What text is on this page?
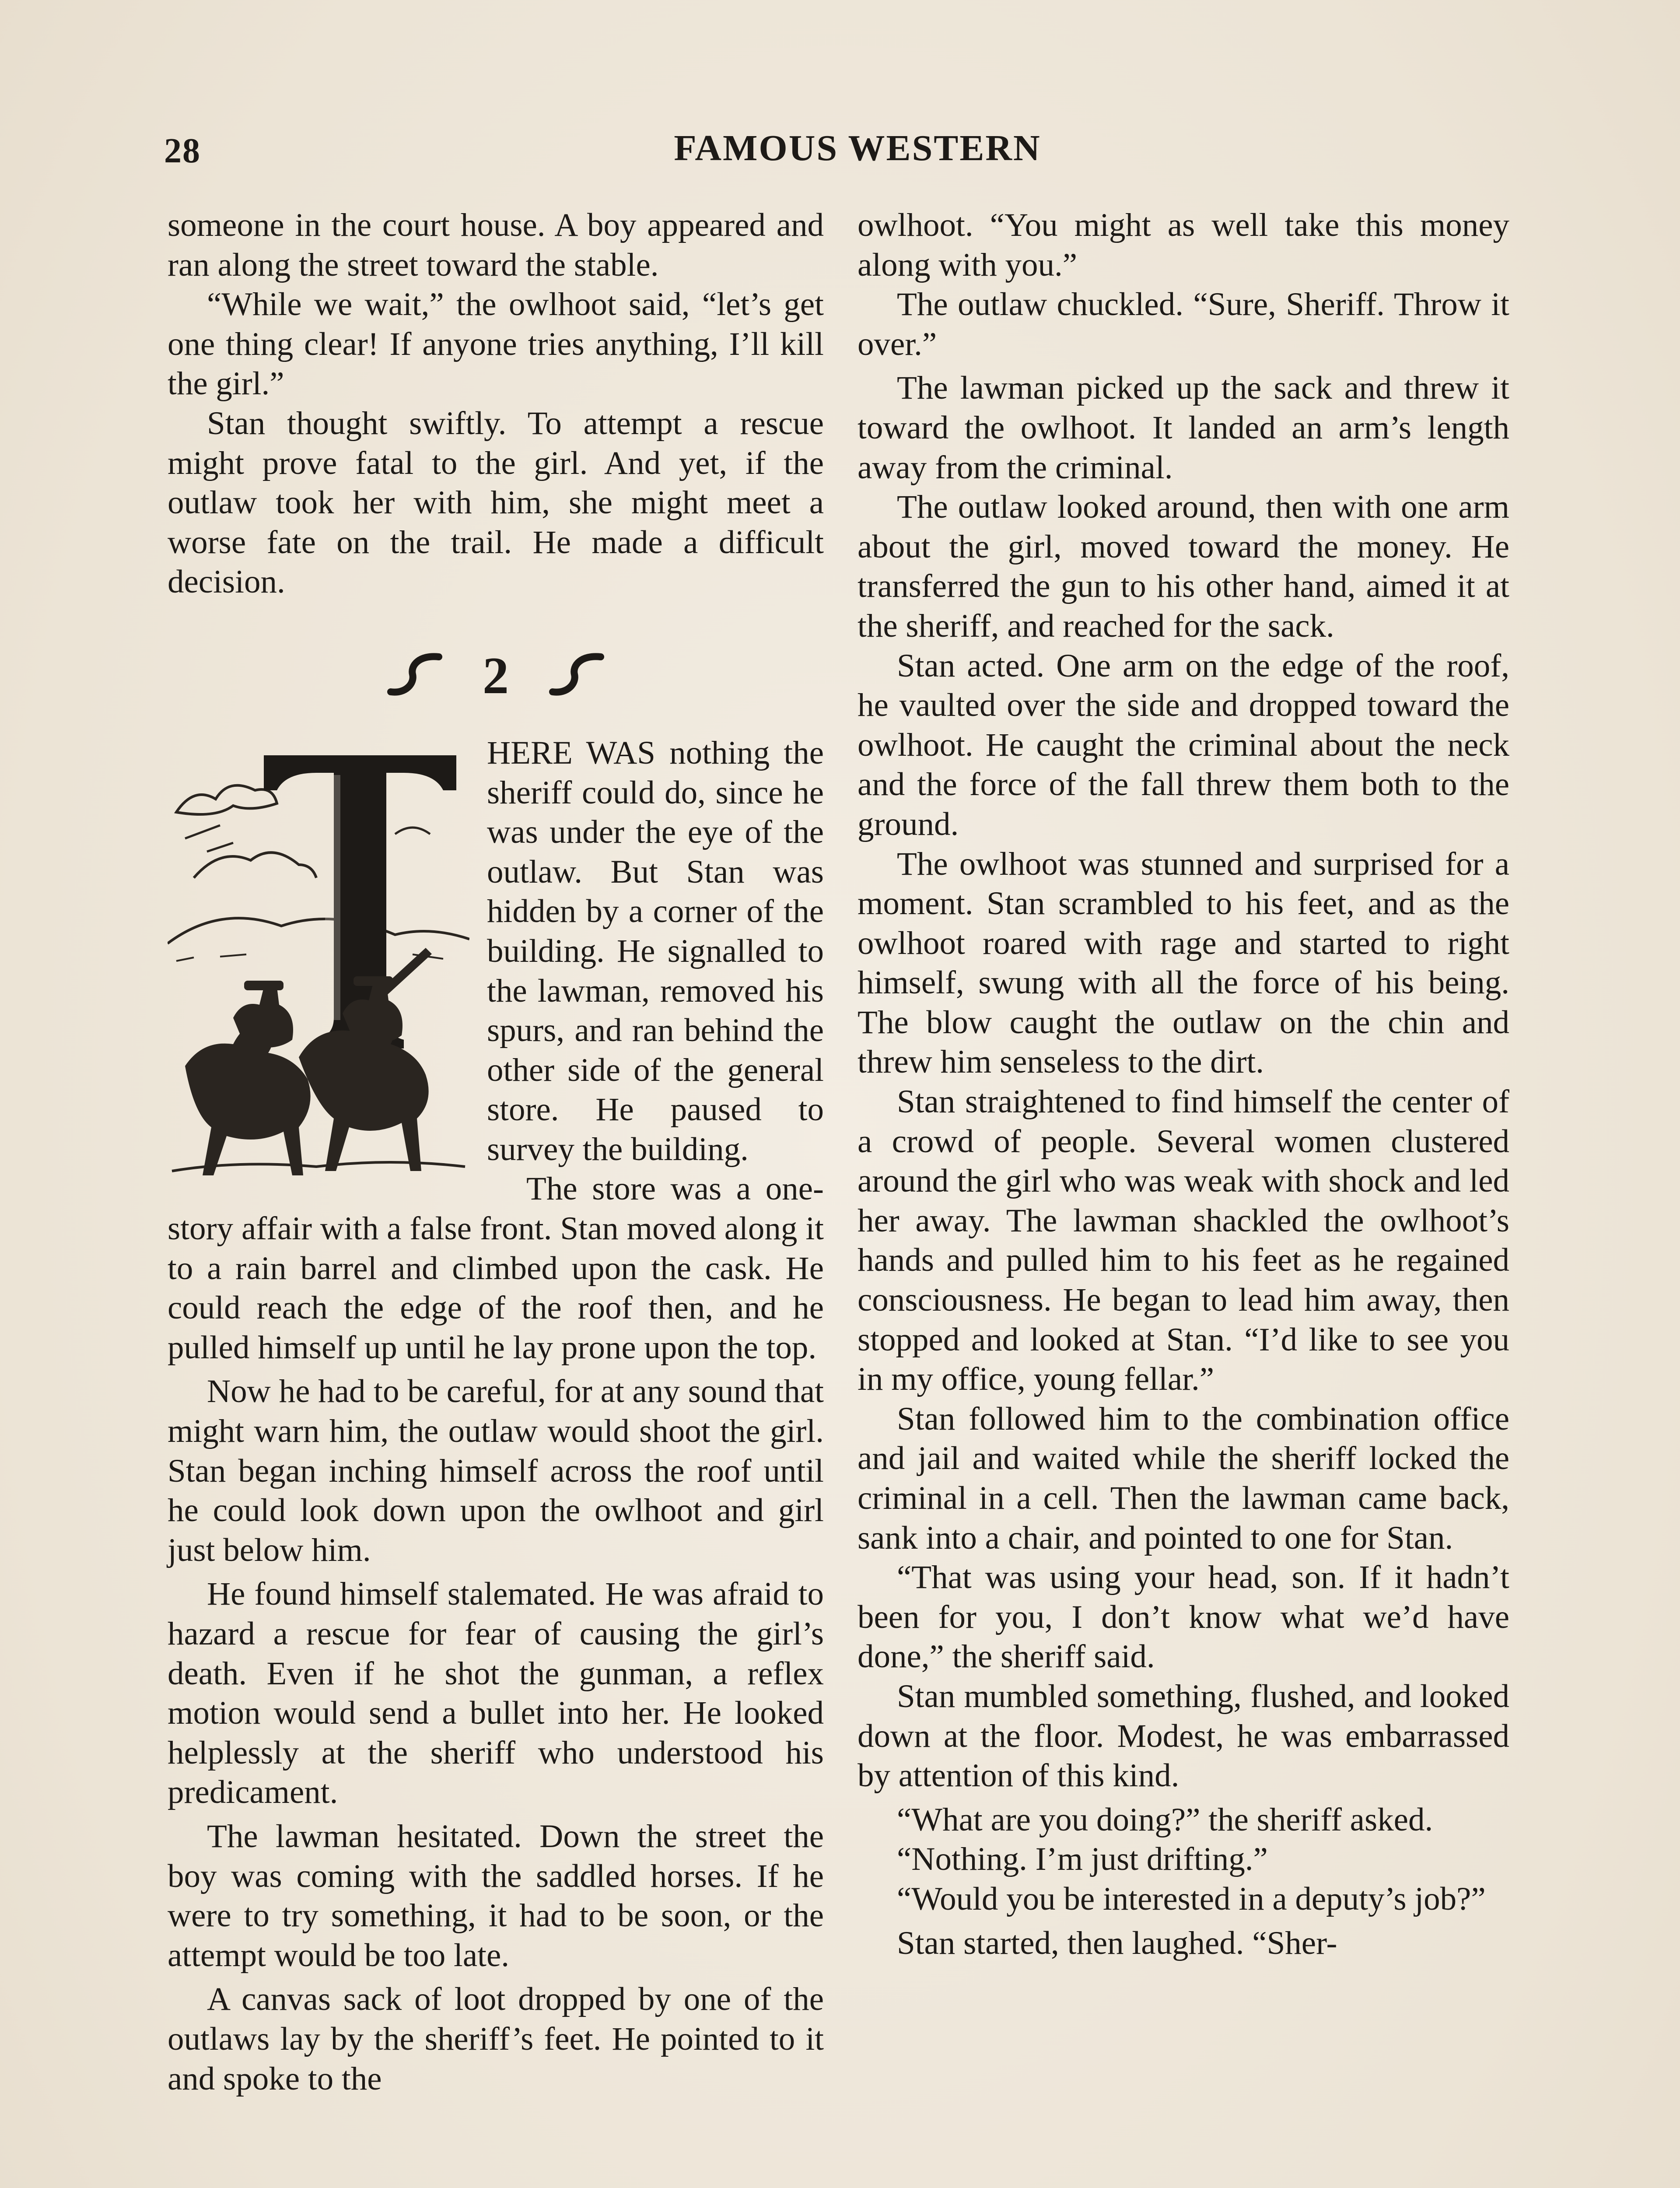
28	FAMOUS WESTERN

someone in the court house. A boy appeared and ran along the street toward the stable.

“While we wait,” the owlhoot said, “let’s get one thing clear! If anyone tries anything, I’ll kill the girl.”

Stan thought swiftly. To attempt a rescue might prove fatal to the girl. And yet, if the outlaw took her with him, she might meet a worse fate on the trail. He made a difficult decision.

2

HERE WAS nothing the sheriff could do, since he was under the eye of the outlaw. But Stan was hidden by a corner of the building. He signalled to the lawman, removed his spurs, and ran behind the other side of the general store. He paused to survey the building.

The store was a one-story affair with a false front. Stan moved along it to a rain barrel and climbed upon the cask. He could reach the edge of the roof then, and he pulled himself up until he lay prone upon the top.

Now he had to be careful, for at any sound that might warn him, the outlaw would shoot the girl. Stan began inching himself across the roof until he could look down upon the owlhoot and girl just below him.

He found himself stalemated. He was afraid to hazard a rescue for fear of causing the girl’s death. Even if he shot the gunman, a reflex motion would send a bullet into her. He looked helplessly at the sheriff who understood his predicament.

The lawman hesitated. Down the street the boy was coming with the saddled horses. If he were to try something, it had to be soon, or the attempt would be too late.

A canvas sack of loot dropped by one of the outlaws lay by the sheriff’s feet. He pointed to it and spoke to the

owlhoot. “You might as well take this money along with you.”

The outlaw chuckled. “Sure, Sheriff. Throw it over.”

The lawman picked up the sack and threw it toward the owlhoot. It landed an arm’s length away from the criminal.

The outlaw looked around, then with one arm about the girl, moved toward the money. He transferred the gun to his other hand, aimed it at the sheriff, and reached for the sack.

Stan acted. One arm on the edge of the roof, he vaulted over the side and dropped toward the owlhoot. He caught the criminal about the neck and the force of the fall threw them both to the ground.

The owlhoot was stunned and surprised for a moment. Stan scrambled to his feet, and as the owlhoot roared with rage and started to right himself, swung with all the force of his being. The blow caught the outlaw on the chin and threw him senseless to the dirt.

Stan straightened to find himself the center of a crowd of people. Several women clustered around the girl who was weak with shock and led her away. The lawman shackled the owlhoot’s hands and pulled him to his feet as he regained consciousness. He began to lead him away, then stopped and looked at Stan. “I’d like to see you in my office, young fellar.”

Stan followed him to the combination office and jail and waited while the sheriff locked the criminal in a cell. Then the lawman came back, sank into a chair, and pointed to one for Stan.

“That was using your head, son. If it hadn’t been for you, I don’t know what we’d have done,” the sheriff said.

Stan mumbled something, flushed, and looked down at the floor. Modest, he was embarrassed by attention of this kind.

“What are you doing?” the sheriff asked.

“Nothing. I’m just drifting.”

“Would you be interested in a deputy’s job?”

Stan started, then laughed. “Sher-
